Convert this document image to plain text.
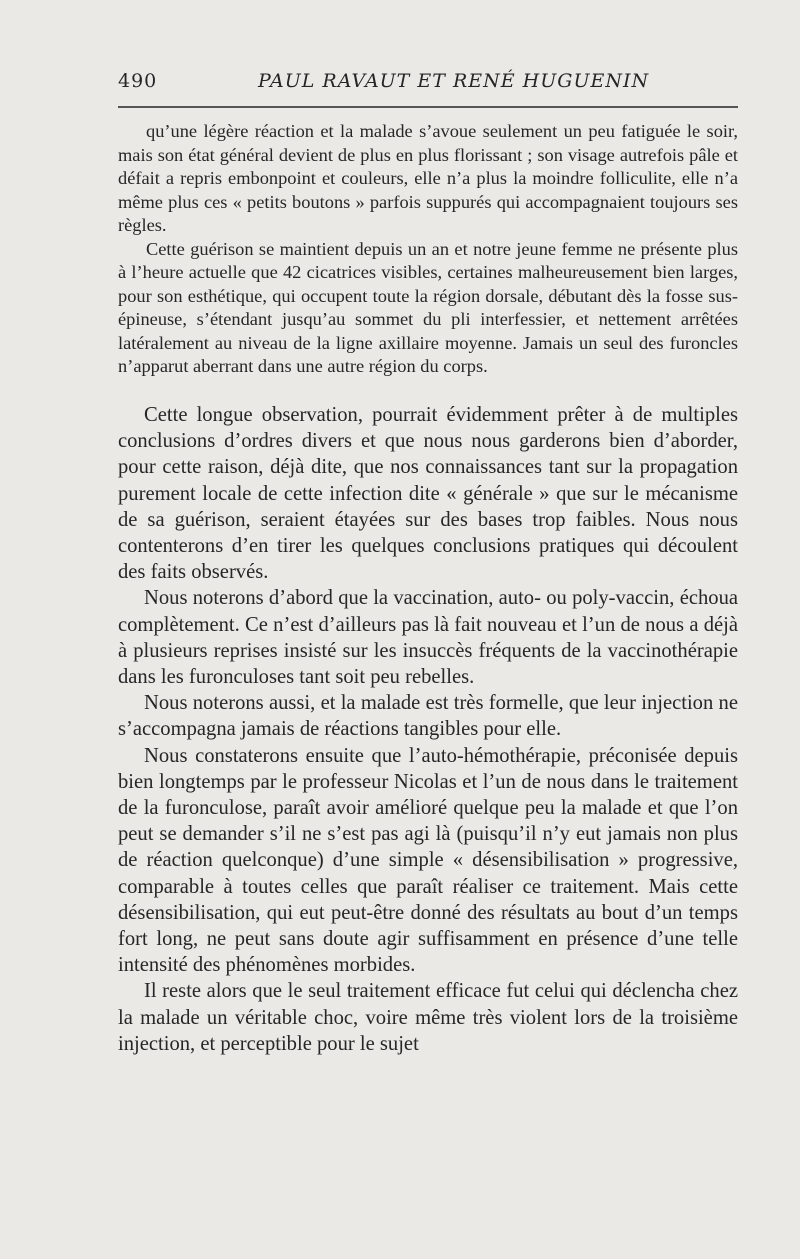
490	PAUL RAVAUT ET RENÉ HUGUENIN

qu’une légère réaction et la malade s’avoue seulement un peu fatiguée le soir, mais son état général devient de plus en plus florissant ; son visage autrefois pâle et défait a repris embonpoint et couleurs, elle n’a plus la moindre folliculite, elle n’a même plus ces « petits boutons » parfois suppurés qui accompagnaient toujours ses règles.

Cette guérison se maintient depuis un an et notre jeune femme ne présente plus à l’heure actuelle que 42 cicatrices visibles, certaines malheureusement bien larges, pour son esthétique, qui occupent toute la région dorsale, débutant dès la fosse sus-épineuse, s’étendant jusqu’au sommet du pli interfessier, et nettement arrêtées latéralement au niveau de la ligne axillaire moyenne. Jamais un seul des furoncles n’apparut aberrant dans une autre région du corps.

Cette longue observation, pourrait évidemment prêter à de multiples conclusions d’ordres divers et que nous nous garderons bien d’aborder, pour cette raison, déjà dite, que nos connaissances tant sur la propagation purement locale de cette infection dite « générale » que sur le mécanisme de sa guérison, seraient étayées sur des bases trop faibles. Nous nous contenterons d’en tirer les quelques conclusions pratiques qui découlent des faits observés.

Nous noterons d’abord que la vaccination, auto- ou poly-vaccin, échoua complètement. Ce n’est d’ailleurs pas là fait nouveau et l’un de nous a déjà à plusieurs reprises insisté sur les insuccès fréquents de la vaccinothérapie dans les furonculoses tant soit peu rebelles.

Nous noterons aussi, et la malade est très formelle, que leur injection ne s’accompagna jamais de réactions tangibles pour elle.

Nous constaterons ensuite que l’auto-hémothérapie, préconisée depuis bien longtemps par le professeur Nicolas et l’un de nous dans le traitement de la furonculose, paraît avoir amélioré quelque peu la malade et que l’on peut se demander s’il ne s’est pas agi là (puisqu’il n’y eut jamais non plus de réaction quelconque) d’une simple « désensibilisation » progressive, comparable à toutes celles que paraît réaliser ce traitement. Mais cette désensibilisation, qui eut peut-être donné des résultats au bout d’un temps fort long, ne peut sans doute agir suffisamment en présence d’une telle intensité des phénomènes morbides.

Il reste alors que le seul traitement efficace fut celui qui déclencha chez la malade un véritable choc, voire même très violent lors de la troisième injection, et perceptible pour le sujet
